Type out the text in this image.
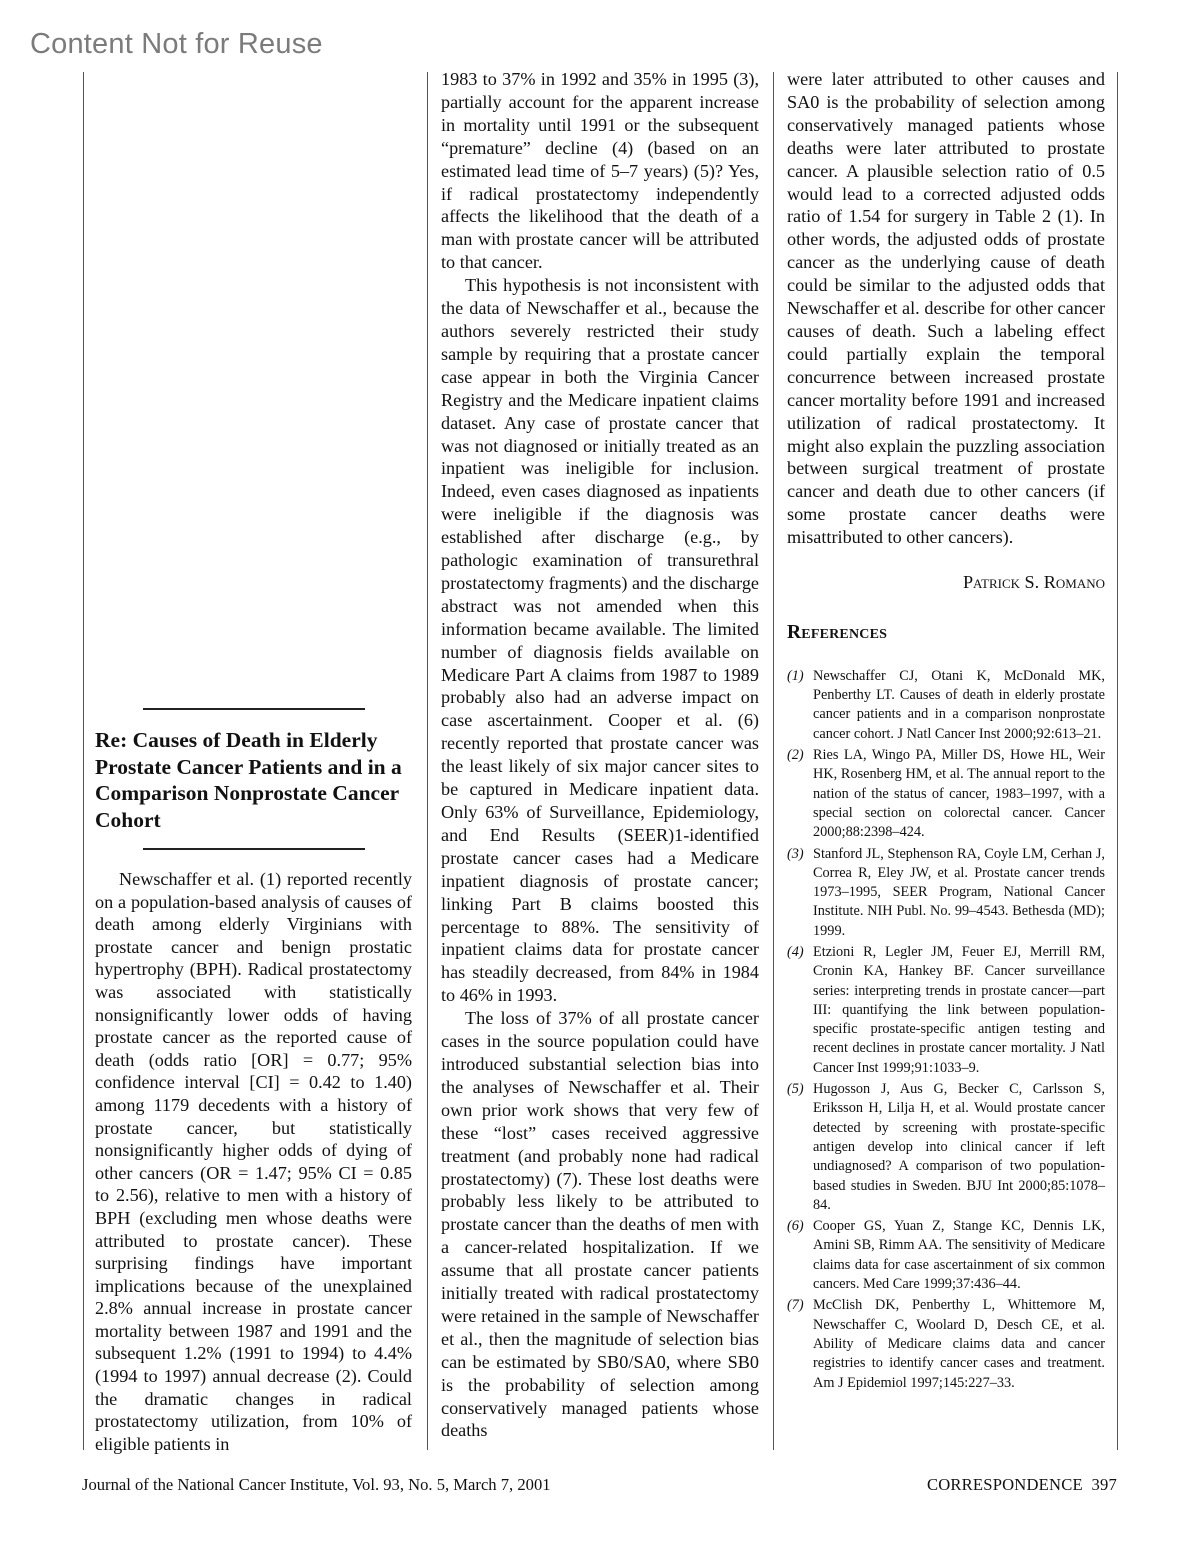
Content Not for Reuse
Re: Causes of Death in Elderly Prostate Cancer Patients and in a Comparison Nonprostate Cancer Cohort

Newschaffer et al. (1) reported recently on a population-based analysis of causes of death among elderly Virginians with prostate cancer and benign prostatic hypertrophy (BPH). Radical prostatectomy was associated with statistically nonsignificantly lower odds of having prostate cancer as the reported cause of death (odds ratio [OR] = 0.77; 95% confidence interval [CI] = 0.42 to 1.40) among 1179 decedents with a history of prostate cancer, but statistically nonsignificantly higher odds of dying of other cancers (OR = 1.47; 95% CI = 0.85 to 2.56), relative to men with a history of BPH (excluding men whose deaths were attributed to prostate cancer). These surprising findings have important implications because of the unexplained 2.8% annual increase in prostate cancer mortality between 1987 and 1991 and the subsequent 1.2% (1991 to 1994) to 4.4% (1994 to 1997) annual decrease (2). Could the dramatic changes in radical prostatectomy utilization, from 10% of eligible patients in

1983 to 37% in 1992 and 35% in 1995 (3), partially account for the apparent increase in mortality until 1991 or the subsequent “premature” decline (4) (based on an estimated lead time of 5–7 years) (5)? Yes, if radical prostatectomy independently affects the likelihood that the death of a man with prostate cancer will be attributed to that cancer.

This hypothesis is not inconsistent with the data of Newschaffer et al., because the authors severely restricted their study sample by requiring that a prostate cancer case appear in both the Virginia Cancer Registry and the Medicare inpatient claims dataset. Any case of prostate cancer that was not diagnosed or initially treated as an inpatient was ineligible for inclusion. Indeed, even cases diagnosed as inpatients were ineligible if the diagnosis was established after discharge (e.g., by pathologic examination of transurethral prostatectomy fragments) and the discharge abstract was not amended when this information became available. The limited number of diagnosis fields available on Medicare Part A claims from 1987 to 1989 probably also had an adverse impact on case ascertainment. Cooper et al. (6) recently reported that prostate cancer was the least likely of six major cancer sites to be captured in Medicare inpatient data. Only 63% of Surveillance, Epidemiology, and End Results (SEER)1-identified prostate cancer cases had a Medicare inpatient diagnosis of prostate cancer; linking Part B claims boosted this percentage to 88%. The sensitivity of inpatient claims data for prostate cancer has steadily decreased, from 84% in 1984 to 46% in 1993.

The loss of 37% of all prostate cancer cases in the source population could have introduced substantial selection bias into the analyses of Newschaffer et al. Their own prior work shows that very few of these “lost” cases received aggressive treatment (and probably none had radical prostatectomy) (7). These lost deaths were probably less likely to be attributed to prostate cancer than the deaths of men with a cancer-related hospitalization. If we assume that all prostate cancer patients initially treated with radical prostatectomy were retained in the sample of Newschaffer et al., then the magnitude of selection bias can be estimated by SB0/SA0, where SB0 is the probability of selection among conservatively managed patients whose deaths

were later attributed to other causes and SA0 is the probability of selection among conservatively managed patients whose deaths were later attributed to prostate cancer. A plausible selection ratio of 0.5 would lead to a corrected adjusted odds ratio of 1.54 for surgery in Table 2 (1). In other words, the adjusted odds of prostate cancer as the underlying cause of death could be similar to the adjusted odds that Newschaffer et al. describe for other cancer causes of death. Such a labeling effect could partially explain the temporal concurrence between increased prostate cancer mortality before 1991 and increased utilization of radical prostatectomy. It might also explain the puzzling association between surgical treatment of prostate cancer and death due to other cancers (if some prostate cancer deaths were misattributed to other cancers).

Patrick S. Romano
References
(1) Newschaffer CJ, Otani K, McDonald MK, Penberthy LT. Causes of death in elderly prostate cancer patients and in a comparison nonprostate cancer cohort. J Natl Cancer Inst 2000;92:613–21.
(2) Ries LA, Wingo PA, Miller DS, Howe HL, Weir HK, Rosenberg HM, et al. The annual report to the nation of the status of cancer, 1983–1997, with a special section on colorectal cancer. Cancer 2000;88:2398–424.
(3) Stanford JL, Stephenson RA, Coyle LM, Cerhan J, Correa R, Eley JW, et al. Prostate cancer trends 1973–1995, SEER Program, National Cancer Institute. NIH Publ. No. 99–4543. Bethesda (MD); 1999.
(4) Etzioni R, Legler JM, Feuer EJ, Merrill RM, Cronin KA, Hankey BF. Cancer surveillance series: interpreting trends in prostate cancer—part III: quantifying the link between population-specific prostate-specific antigen testing and recent declines in prostate cancer mortality. J Natl Cancer Inst 1999;91:1033–9.
(5) Hugosson J, Aus G, Becker C, Carlsson S, Eriksson H, Lilja H, et al. Would prostate cancer detected by screening with prostate-specific antigen develop into clinical cancer if left undiagnosed? A comparison of two population-based studies in Sweden. BJU Int 2000;85:1078–84.
(6) Cooper GS, Yuan Z, Stange KC, Dennis LK, Amini SB, Rimm AA. The sensitivity of Medicare claims data for case ascertainment of six common cancers. Med Care 1999;37:436–44.
(7) McClish DK, Penberthy L, Whittemore M, Newschaffer C, Woolard D, Desch CE, et al. Ability of Medicare claims data and cancer registries to identify cancer cases and treatment. Am J Epidemiol 1997;145:227–33.
Journal of the National Cancer Institute, Vol. 93, No. 5, March 7, 2001	CORRESPONDENCE 397
